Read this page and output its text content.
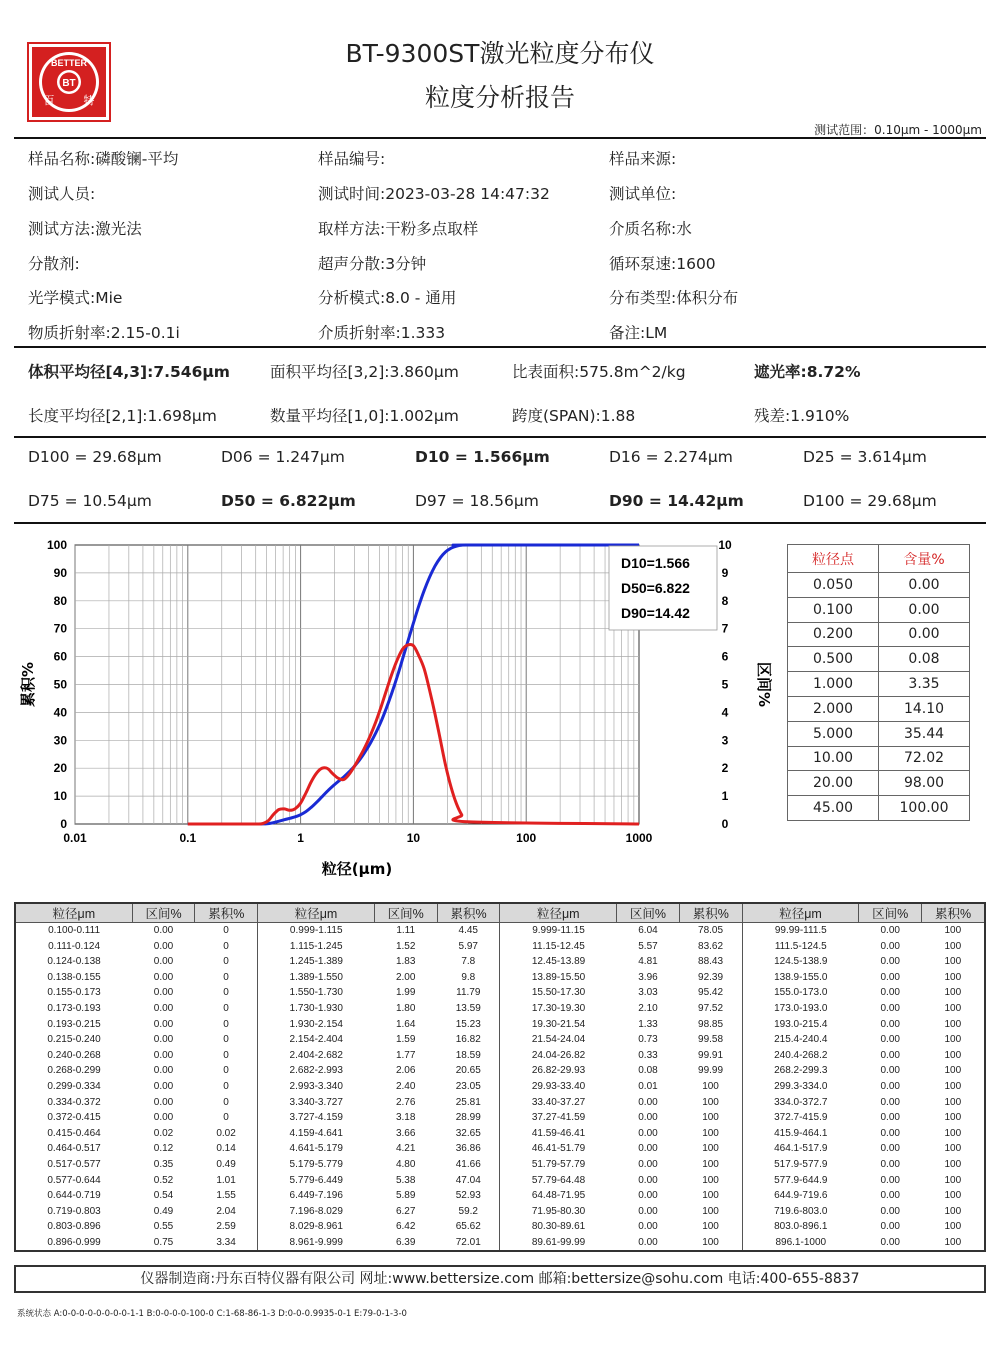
BETTER
BT
百	特
BT-9300ST激光粒度分布仪
粒度分析报告
测试范围：0.10μm - 1000μm
样品名称:磷酸镧-平均	样品编号:	样品来源:
测试人员:	测试时间:2023-03-28 14:47:32	测试单位:
测试方法:激光法	取样方法:干粉多点取样	介质名称:水
分散剂:	超声分散:3分钟	循环泵速:1600
光学模式:Mie	分析模式:8.0 - 通用	分布类型:体积分布
物质折射率:2.15-0.1i	介质折射率:1.333	备注:LM
体积平均径[4,3]:7.546μm	面积平均径[3,2]:3.860μm	比表面积:575.8m^2/kg	遮光率:8.72%
长度平均径[2,1]:1.698μm	数量平均径[1,0]:1.002μm	跨度(SPAN):1.88	残差:1.910%
D100 = 29.68μm	D06 = 1.247μm	D10 = 1.566μm	D16 = 2.274μm	D25 = 3.614μm
D75 = 10.54μm	D50 = 6.822μm	D97 = 18.56μm	D90 = 14.42μm	D100 = 29.68μm
0
10
20
30
40
50
60
70
80
90
100
0
1
2
3
4
5
6
7
8
9
10
0.01	0.1	1	10	100	1000
粒径(μm)
累积%	区间%
D10=1.566
D50=6.822
D90=14.42
粒径点	含量%
0.050	0.00
0.100	0.00
0.200	0.00
0.500	0.08
1.000	3.35
2.000	14.10
5.000	35.44
10.00	72.02
20.00	98.00
45.00	100.00
粒径μm	区间%	累积%	粒径μm	区间%	累积%	粒径μm	区间%	累积%	粒径μm	区间%	累积%
0.100-0.111	0.00	0	0.999-1.115	1.11	4.45	9.999-11.15	6.04	78.05	99.99-111.5	0.00	100
0.111-0.124	0.00	0	1.115-1.245	1.52	5.97	11.15-12.45	5.57	83.62	111.5-124.5	0.00	100
0.124-0.138	0.00	0	1.245-1.389	1.83	7.8	12.45-13.89	4.81	88.43	124.5-138.9	0.00	100
0.138-0.155	0.00	0	1.389-1.550	2.00	9.8	13.89-15.50	3.96	92.39	138.9-155.0	0.00	100
0.155-0.173	0.00	0	1.550-1.730	1.99	11.79	15.50-17.30	3.03	95.42	155.0-173.0	0.00	100
0.173-0.193	0.00	0	1.730-1.930	1.80	13.59	17.30-19.30	2.10	97.52	173.0-193.0	0.00	100
0.193-0.215	0.00	0	1.930-2.154	1.64	15.23	19.30-21.54	1.33	98.85	193.0-215.4	0.00	100
0.215-0.240	0.00	0	2.154-2.404	1.59	16.82	21.54-24.04	0.73	99.58	215.4-240.4	0.00	100
0.240-0.268	0.00	0	2.404-2.682	1.77	18.59	24.04-26.82	0.33	99.91	240.4-268.2	0.00	100
0.268-0.299	0.00	0	2.682-2.993	2.06	20.65	26.82-29.93	0.08	99.99	268.2-299.3	0.00	100
0.299-0.334	0.00	0	2.993-3.340	2.40	23.05	29.93-33.40	0.01	100	299.3-334.0	0.00	100
0.334-0.372	0.00	0	3.340-3.727	2.76	25.81	33.40-37.27	0.00	100	334.0-372.7	0.00	100
0.372-0.415	0.00	0	3.727-4.159	3.18	28.99	37.27-41.59	0.00	100	372.7-415.9	0.00	100
0.415-0.464	0.02	0.02	4.159-4.641	3.66	32.65	41.59-46.41	0.00	100	415.9-464.1	0.00	100
0.464-0.517	0.12	0.14	4.641-5.179	4.21	36.86	46.41-51.79	0.00	100	464.1-517.9	0.00	100
0.517-0.577	0.35	0.49	5.179-5.779	4.80	41.66	51.79-57.79	0.00	100	517.9-577.9	0.00	100
0.577-0.644	0.52	1.01	5.779-6.449	5.38	47.04	57.79-64.48	0.00	100	577.9-644.9	0.00	100
0.644-0.719	0.54	1.55	6.449-7.196	5.89	52.93	64.48-71.95	0.00	100	644.9-719.6	0.00	100
0.719-0.803	0.49	2.04	7.196-8.029	6.27	59.2	71.95-80.30	0.00	100	719.6-803.0	0.00	100
0.803-0.896	0.55	2.59	8.029-8.961	6.42	65.62	80.30-89.61	0.00	100	803.0-896.1	0.00	100
0.896-0.999	0.75	3.34	8.961-9.999	6.39	72.01	89.61-99.99	0.00	100	896.1-1000	0.00	100
仪器制造商:丹东百特仪器有限公司 网址:www.bettersize.com 邮箱:bettersize@sohu.com 电话:400-655-8837
系统状态 A:0-0-0-0-0-0-0-0-1-1 B:0-0-0-0-100-0 C:1-68-86-1-3 D:0-0-0.9935-0-1 E:79-0-1-3-0
